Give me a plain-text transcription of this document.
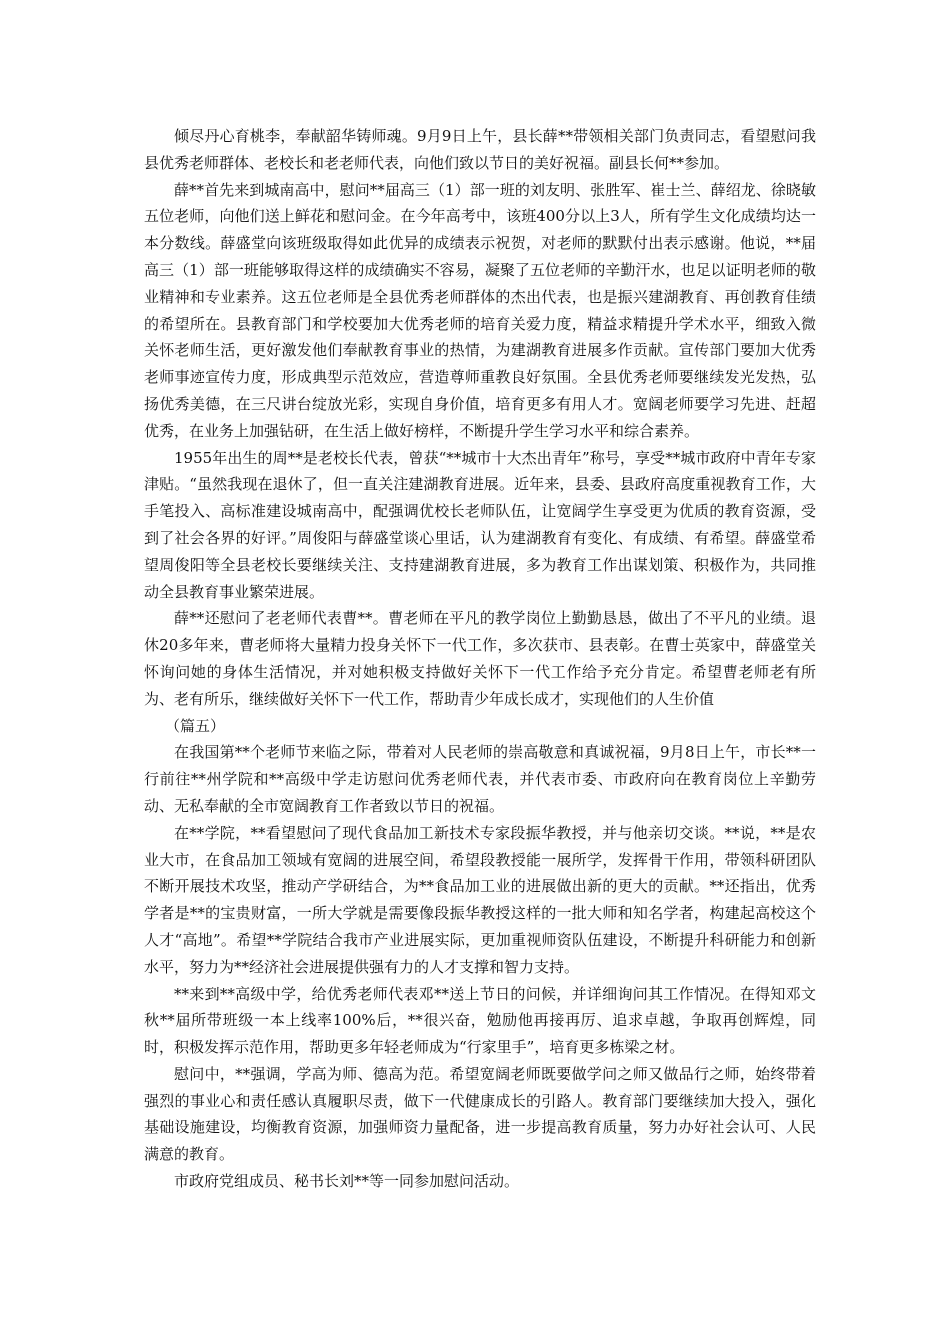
倾尽丹心育桃李，奉献韶华铸师魂。9月9日上午，县长薛**带领相关部门负责同志，看望慰问我县优秀老师群体、老校长和老老师代表，向他们致以节日的美好祝福。副县长何**参加。

薛**首先来到城南高中，慰问**届高三（1）部一班的刘友明、张胜军、崔士兰、薛绍龙、徐晓敏五位老师，向他们送上鲜花和慰问金。在今年高考中，该班400分以上3人，所有学生文化成绩均达一本分数线。薛盛堂向该班级取得如此优异的成绩表示祝贺，对老师的默默付出表示感谢。他说，**届高三（1）部一班能够取得这样的成绩确实不容易，凝聚了五位老师的辛勤汗水，也足以证明老师的敬业精神和专业素养。这五位老师是全县优秀老师群体的杰出代表，也是振兴建湖教育、再创教育佳绩的希望所在。县教育部门和学校要加大优秀老师的培育关爱力度，精益求精提升学术水平，细致入微关怀老师生活，更好激发他们奉献教育事业的热情，为建湖教育进展多作贡献。宣传部门要加大优秀老师事迹宣传力度，形成典型示范效应，营造尊师重教良好氛围。全县优秀老师要继续发光发热，弘扬优秀美德，在三尺讲台绽放光彩，实现自身价值，培育更多有用人才。宽阔老师要学习先进、赶超优秀，在业务上加强钻研，在生活上做好榜样，不断提升学生学习水平和综合素养。

1955年出生的周**是老校长代表，曾获“**城市十大杰出青年”称号，享受**城市政府中青年专家津贴。“虽然我现在退休了，但一直关注建湖教育进展。近年来，县委、县政府高度重视教育工作，大手笔投入、高标准建设城南高中，配强调优校长老师队伍，让宽阔学生享受更为优质的教育资源，受到了社会各界的好评。”周俊阳与薛盛堂谈心里话，认为建湖教育有变化、有成绩、有希望。薛盛堂希望周俊阳等全县老校长要继续关注、支持建湖教育进展，多为教育工作出谋划策、积极作为，共同推动全县教育事业繁荣进展。

薛**还慰问了老老师代表曹**。曹老师在平凡的教学岗位上勤勤恳恳，做出了不平凡的业绩。退休20多年来，曹老师将大量精力投身关怀下一代工作，多次获市、县表彰。在曹士英家中，薛盛堂关怀询问她的身体生活情况，并对她积极支持做好关怀下一代工作给予充分肯定。希望曹老师老有所为、老有所乐，继续做好关怀下一代工作，帮助青少年成长成才，实现他们的人生价值

（篇五）

在我国第**个老师节来临之际，带着对人民老师的崇高敬意和真诚祝福，9月8日上午，市长**一行前往**州学院和**高级中学走访慰问优秀老师代表，并代表市委、市政府向在教育岗位上辛勤劳动、无私奉献的全市宽阔教育工作者致以节日的祝福。

在**学院，**看望慰问了现代食品加工新技术专家段振华教授，并与他亲切交谈。**说，**是农业大市，在食品加工领域有宽阔的进展空间，希望段教授能一展所学，发挥骨干作用，带领科研团队不断开展技术攻坚，推动产学研结合，为**食品加工业的进展做出新的更大的贡献。**还指出，优秀学者是**的宝贵财富，一所大学就是需要像段振华教授这样的一批大师和知名学者，构建起高校这个人才“高地”。希望**学院结合我市产业进展实际，更加重视师资队伍建设，不断提升科研能力和创新水平，努力为**经济社会进展提供强有力的人才支撑和智力支持。

**来到**高级中学，给优秀老师代表邓**送上节日的问候，并详细询问其工作情况。在得知邓文秋**届所带班级一本上线率100%后，**很兴奋，勉励他再接再厉、追求卓越，争取再创辉煌，同时，积极发挥示范作用，帮助更多年轻老师成为“行家里手”，培育更多栋梁之材。

慰问中，**强调，学高为师、德高为范。希望宽阔老师既要做学问之师又做品行之师，始终带着强烈的事业心和责任感认真履职尽责，做下一代健康成长的引路人。教育部门要继续加大投入，强化基础设施建设，均衡教育资源，加强师资力量配备，进一步提高教育质量，努力办好社会认可、人民满意的教育。

市政府党组成员、秘书长刘**等一同参加慰问活动。
